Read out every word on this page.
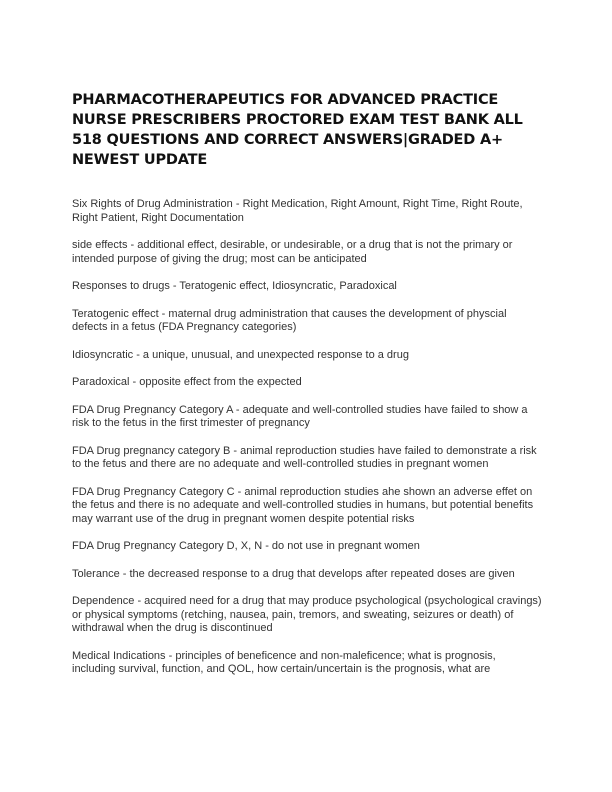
PHARMACOTHERAPEUTICS FOR ADVANCED PRACTICE NURSE PRESCRIBERS PROCTORED EXAM TEST BANK ALL 518 QUESTIONS AND CORRECT ANSWERS|GRADED A+ NEWEST UPDATE

Six Rights of Drug Administration - Right Medication, Right Amount, Right Time, Right Route, Right Patient, Right Documentation

side effects - additional effect, desirable, or undesirable, or a drug that is not the primary or intended purpose of giving the drug; most can be anticipated

Responses to drugs - Teratogenic effect, Idiosyncratic, Paradoxical

Teratogenic effect - maternal drug administration that causes the development of physcial defects in a fetus (FDA Pregnancy categories)

Idiosyncratic - a unique, unusual, and unexpected response to a drug

Paradoxical - opposite effect from the expected

FDA Drug Pregnancy Category A - adequate and well-controlled studies have failed to show a risk to the fetus in the first trimester of pregnancy

FDA Drug pregnancy category B - animal reproduction studies have failed to demonstrate a risk to the fetus and there are no adequate and well-controlled studies in pregnant women

FDA Drug Pregnancy Category C - animal reproduction studies ahe shown an adverse effet on the fetus and there is no adequate and well-controlled studies in humans, but potential benefits may warrant use of the drug in pregnant women despite potential risks

FDA Drug Pregnancy Category D, X, N - do not use in pregnant women

Tolerance - the decreased response to a drug that develops after repeated doses are given

Dependence - acquired need for a drug that may produce psychological (psychological cravings) or physical symptoms (retching, nausea, pain, tremors, and sweating, seizures or death) of withdrawal when the drug is discontinued

Medical Indications - principles of beneficence and non-maleficence; what is prognosis, including survival, function, and QOL, how certain/uncertain is the prognosis, what are
